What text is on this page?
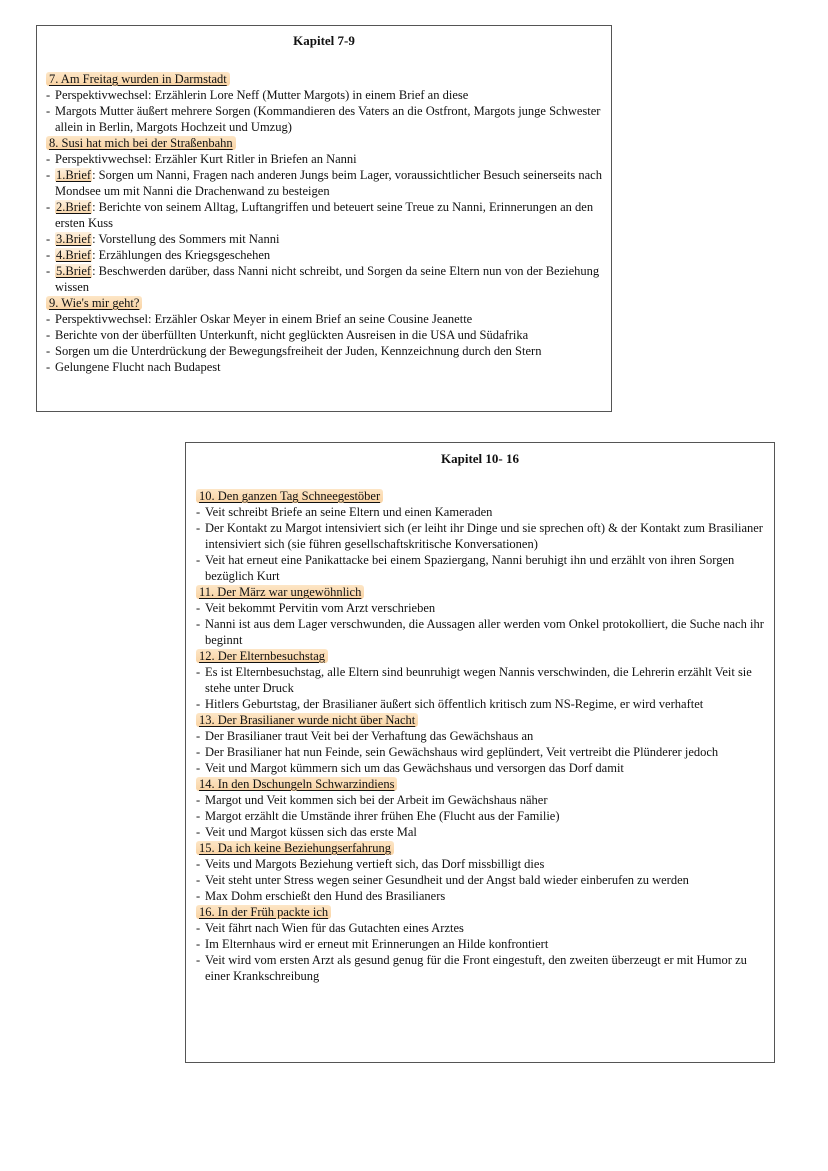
Kapitel 7-9
7. Am Freitag wurden in Darmstadt
- Perspektivwechsel: Erzählerin Lore Neff (Mutter Margots) in einem Brief an diese
- Margots Mutter äußert mehrere Sorgen (Kommandieren des Vaters an die Ostfront, Margots junge Schwester allein in Berlin, Margots Hochzeit und Umzug)
8. Susi hat mich bei der Straßenbahn
- Perspektivwechsel: Erzähler Kurt Ritler in Briefen an Nanni
- 1.Brief: Sorgen um Nanni, Fragen nach anderen Jungs beim Lager, voraussichtlicher Besuch seinerseits nach Mondsee um mit Nanni die Drachenwand zu besteigen
- 2.Brief: Berichte von seinem Alltag, Luftangriffen und beteuert seine Treue zu Nanni, Erinnerungen an den ersten Kuss
- 3.Brief: Vorstellung des Sommers mit Nanni
- 4.Brief: Erzählungen des Kriegsgeschehen
- 5.Brief: Beschwerden darüber, dass Nanni nicht schreibt, und Sorgen da seine Eltern nun von der Beziehung wissen
9. Wie's mir geht?
- Perspektivwechsel: Erzähler Oskar Meyer in einem Brief an seine Cousine Jeanette
- Berichte von der überfüllten Unterkunft, nicht geglückten Ausreisen in die USA und Südafrika
- Sorgen um die Unterdrückung der Bewegungsfreiheit der Juden, Kennzeichnung durch den Stern
- Gelungene Flucht nach Budapest
Kapitel 10- 16
10. Den ganzen Tag Schneegestöber
- Veit schreibt Briefe an seine Eltern und einen Kameraden
- Der Kontakt zu Margot intensiviert sich (er leiht ihr Dinge und sie sprechen oft) & der Kontakt zum Brasilianer intensiviert sich (sie führen gesellschaftskritische Konversationen)
- Veit hat erneut eine Panikattacke bei einem Spaziergang, Nanni beruhigt ihn und erzählt von ihren Sorgen bezüglich Kurt
11. Der März war ungewöhnlich
- Veit bekommt Pervitin vom Arzt verschrieben
- Nanni ist aus dem Lager verschwunden, die Aussagen aller werden vom Onkel protokolliert, die Suche nach ihr beginnt
12. Der Elternbesuchstag
- Es ist Elternbesuchstag, alle Eltern sind beunruhigt wegen Nannis verschwinden, die Lehrerin erzählt Veit sie stehe unter Druck
- Hitlers Geburtstag, der Brasilianer äußert sich öffentlich kritisch zum NS-Regime, er wird verhaftet
13. Der Brasilianer wurde nicht über Nacht
- Der Brasilianer traut Veit bei der Verhaftung das Gewächshaus an
- Der Brasilianer hat nun Feinde, sein Gewächshaus wird geplündert, Veit vertreibt die Plünderer jedoch
- Veit und Margot kümmern sich um das Gewächshaus und versorgen das Dorf damit
14. In den Dschungeln Schwarzindiens
- Margot und Veit kommen sich bei der Arbeit im Gewächshaus näher
- Margot erzählt die Umstände ihrer frühen Ehe (Flucht aus der Familie)
- Veit und Margot küssen sich das erste Mal
15. Da ich keine Beziehungserfahrung
- Veits und Margots Beziehung vertieft sich, das Dorf missbilligt dies
- Veit steht unter Stress wegen seiner Gesundheit und der Angst bald wieder einberufen zu werden
- Max Dohm erschießt den Hund des Brasilianers
16. In der Früh packte ich
- Veit fährt nach Wien für das Gutachten eines Arztes
- Im Elternhaus wird er erneut mit Erinnerungen an Hilde konfrontiert
- Veit wird vom ersten Arzt als gesund genug für die Front eingestuft, den zweiten überzeugt er mit Humor zu einer Krankschreibung
